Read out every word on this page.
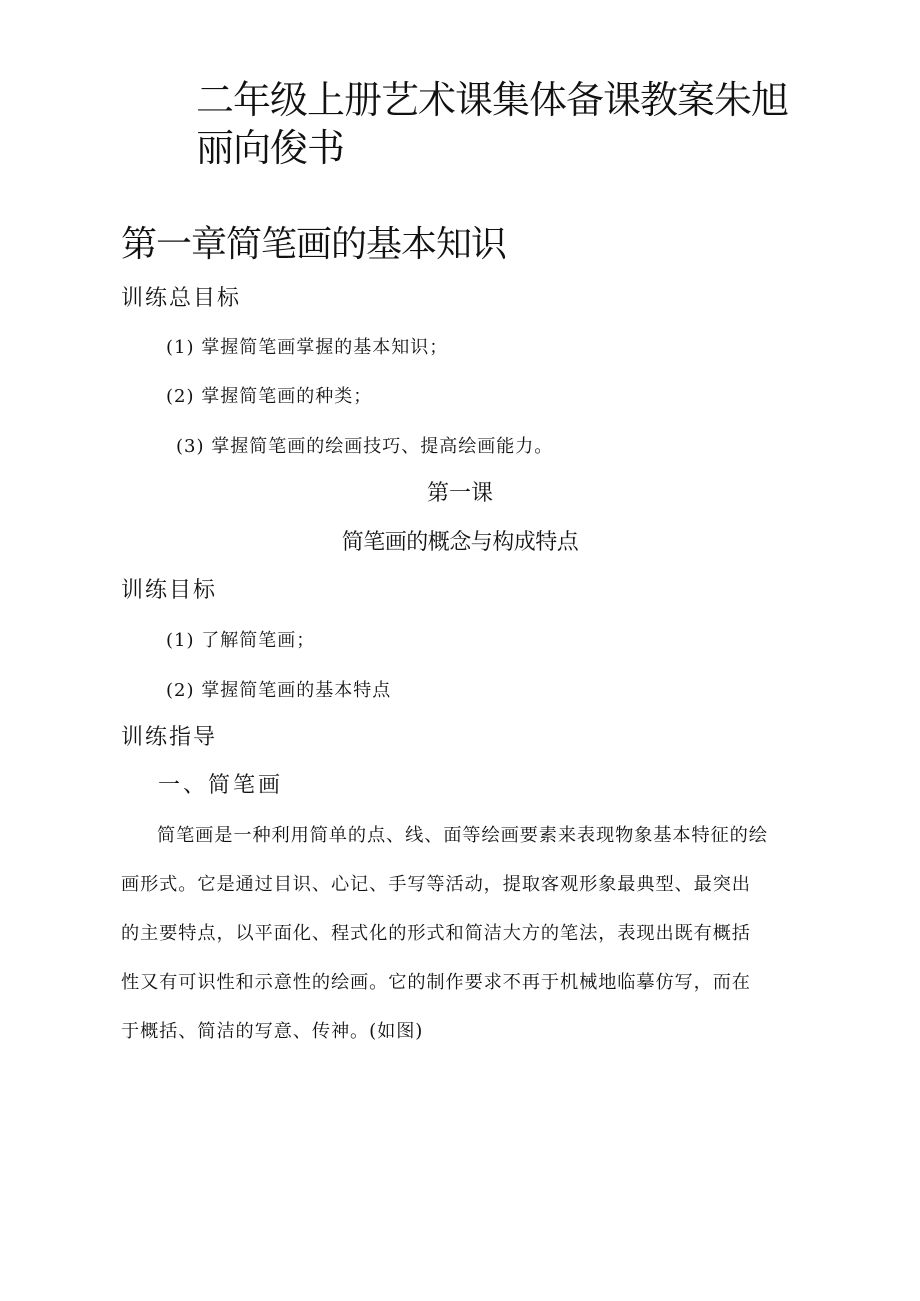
二年级上册艺术课集体备课教案朱旭丽向俊书
第一章简笔画的基本知识
训练总目标
(1) 掌握简笔画掌握的基本知识；
(2) 掌握简笔画的种类；
(3) 掌握简笔画的绘画技巧、提高绘画能力。
第一课
简笔画的概念与构成特点
训练目标
(1) 了解简笔画；
(2) 掌握简笔画的基本特点
训练指导
一、简笔画
简笔画是一种利用简单的点、线、面等绘画要素来表现物象基本特征的绘
画形式。它是通过目识、心记、手写等活动，提取客观形象最典型、最突出
的主要特点，以平面化、程式化的形式和简洁大方的笔法，表现出既有概括
性又有可识性和示意性的绘画。它的制作要求不再于机械地临摹仿写，而在
于概括、简洁的写意、传神。(如图)
